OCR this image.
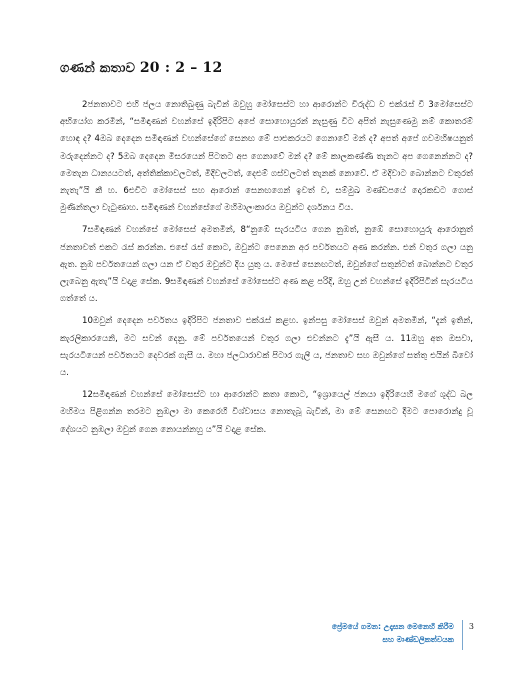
ගණන් කතාව 20 : 2 – 12

2ජනතාවට එහි ජලය නොතිබුණු බැවින් ඔවුහු මෝසෙස්ට හා ආරොන්ට විරුද්ධ ව එක්රැස් වී 3මෝසෙස්ට අභියෝග කරමින්, “සමිඳාණන් වහන්සේ ඉදිරිපිට අපේ සොහොයුරන් නැසුණු විට අපිත් නැසුණෙමු නම් කොතරම් හොඳ ද? 4ඔබ දෙදෙන සමිඳාණන් වහන්සේගේ සෙනඟ මේ පාළුකරයට ගෙනාවේ මන් ද? අපත් අපේ ගවමහිෂයනුත් මරුදෙන්නට ද? 5ඔබ දෙදෙන මිසරයෙන් පිටතට අප ගෙනාවේ මන් ද? මේ කාලකණ්ණි තැනට අප ගෙනෙන්නට ද? මෙතැන ධාන්‍යයටත්, අත්තික්කාවලටත්, මිදිවලටත්, දෙළුම් ගස්වලටත් තැනක් නොවේ. ඒ මදිවාට බොන්නට වතුරත් නැතැ”යි කී හ. 6එවිට මෝසෙස් සහ ආරොන් සෙනඟගෙන් ඉවත් ව, සම්මුඛ මණ්ඩපයේ දොරකඩට ගොස් මුණින්තලා වැටුණාහ. සමිඳාණන් වහන්සේගේ මහිමාලංකාරය ඔවුන්ට දර්ශනය විය.

7සමිඳාණන් වහන්සේ මෝසෙස් අමතමින්, 8“නුඹේ සැරයටිය ගෙන නුඹත්, නුඹේ සොහොයුරු ආරොනුත් ජනතාවත් එකට රැස් කරන්න. එසේ රැස් කොට, ඔවුන්ට පෙනෙන අර පර්වතයට අණ කරන්න. එන් වතුර ගලා යනු ඇත. නුඹ පර්වතයෙන් ගලා යන ඒ වතුර ඔවුන්ට දිය යුතු ය. මෙසේ සෙනඟටත්, ඔවුන්ගේ සතුන්ටත් බොන්නට වතුර ලැබෙනු ඇතැ”යි වදාළ සේක. 9සමිඳාණන් වහන්සේ මෝසෙස්ට අණ කළ පරිදි, ඔහු උන් වහන්සේ ඉදිරිපිටින් සැරයටිය ගත්තේ ය.

10ඔවුන් දෙදෙන පර්වතය ඉදිරිපිට ජනතාව එක්රැස් කළහ. ඉන්පසු මෝසෙස් ඔවුන් අමතමින්, “දැන් ඉතින්, කැරලිකාරයෙනි, මට සවන් දෙනු. මේ පර්වතයෙන් වතුර ගලා එවන්නට දැ”යි ඇසී ය. 11ඔහු අත ඔසවා, සැරයටියෙන් පර්වතයට දෙවරක් ගැසී ය. මහා ජලධාරාවක් පිටාර ගැලී ය, ජනතාව සහ ඔවුන්ගේ සත්තු එයින් බීවෝ ය.

12සමිඳාණන් වහන්සේ මෝසෙස්ට හා ආරොන්ට කතා කොට, “ඉශ්‍රායෙල් ජනයා ඉදිරියෙහි මගේ ශුද්ධ බල මහිමය පිළිගන්න තරමට නුඹලා මා කෙරෙහි විශ්වාසය නොතැබූ බැවින්, මා මේ සෙනඟට දීමට පොරොන්දු වූ දේශයට නුඹලා ඔවුන් ගෙන නොයන්නහු ය”යි වදාළ සේක.

ප්‍රේමයේ ගමන: උදෑසන මෙනෙහි කිරීම
සහ මාණ්ඩලිකත්වයක
3
